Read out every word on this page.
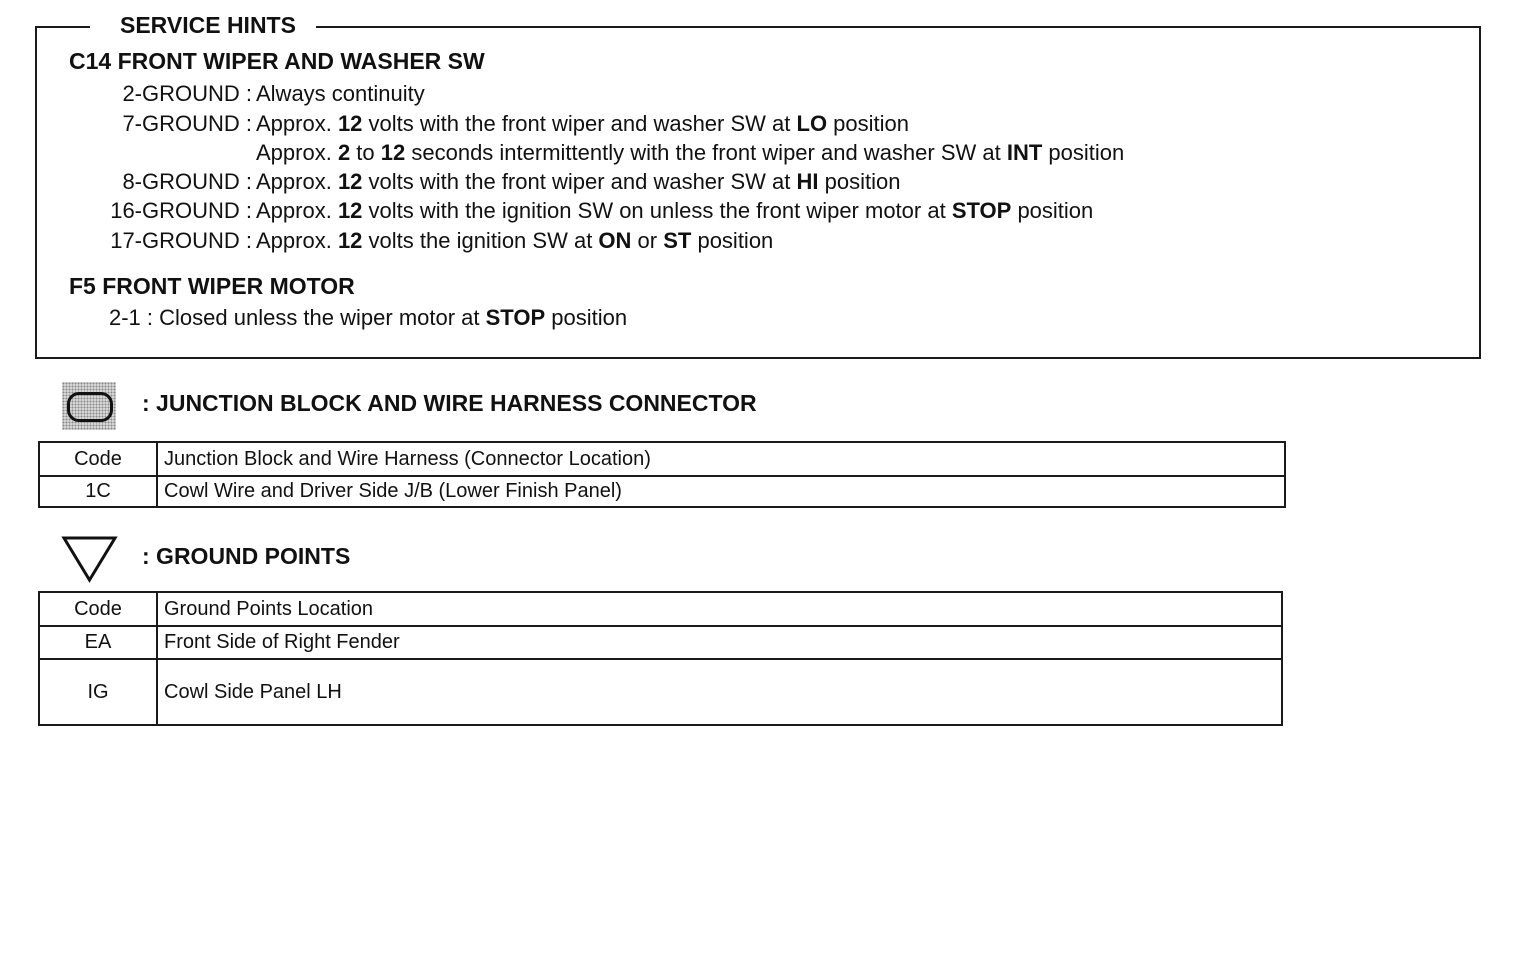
SERVICE HINTS
C14 FRONT WIPER AND WASHER SW
2-GROUND : Always continuity
7-GROUND : Approx. 12 volts with the front wiper and washer SW at LO position
Approx. 2 to 12 seconds intermittently with the front wiper and washer SW at INT position
8-GROUND : Approx. 12 volts with the front wiper and washer SW at HI position
16-GROUND : Approx. 12 volts with the ignition SW on unless the front wiper motor at STOP position
17-GROUND : Approx. 12 volts the ignition SW at ON or ST position
F5 FRONT WIPER MOTOR
2-1 : Closed unless the wiper motor at STOP position
: JUNCTION BLOCK AND WIRE HARNESS CONNECTOR
Code	Junction Block and Wire Harness (Connector Location)
1C	Cowl Wire and Driver Side J/B (Lower Finish Panel)
: GROUND POINTS
Code	Ground Points Location
EA	Front Side of Right Fender
IG	Cowl Side Panel LH
